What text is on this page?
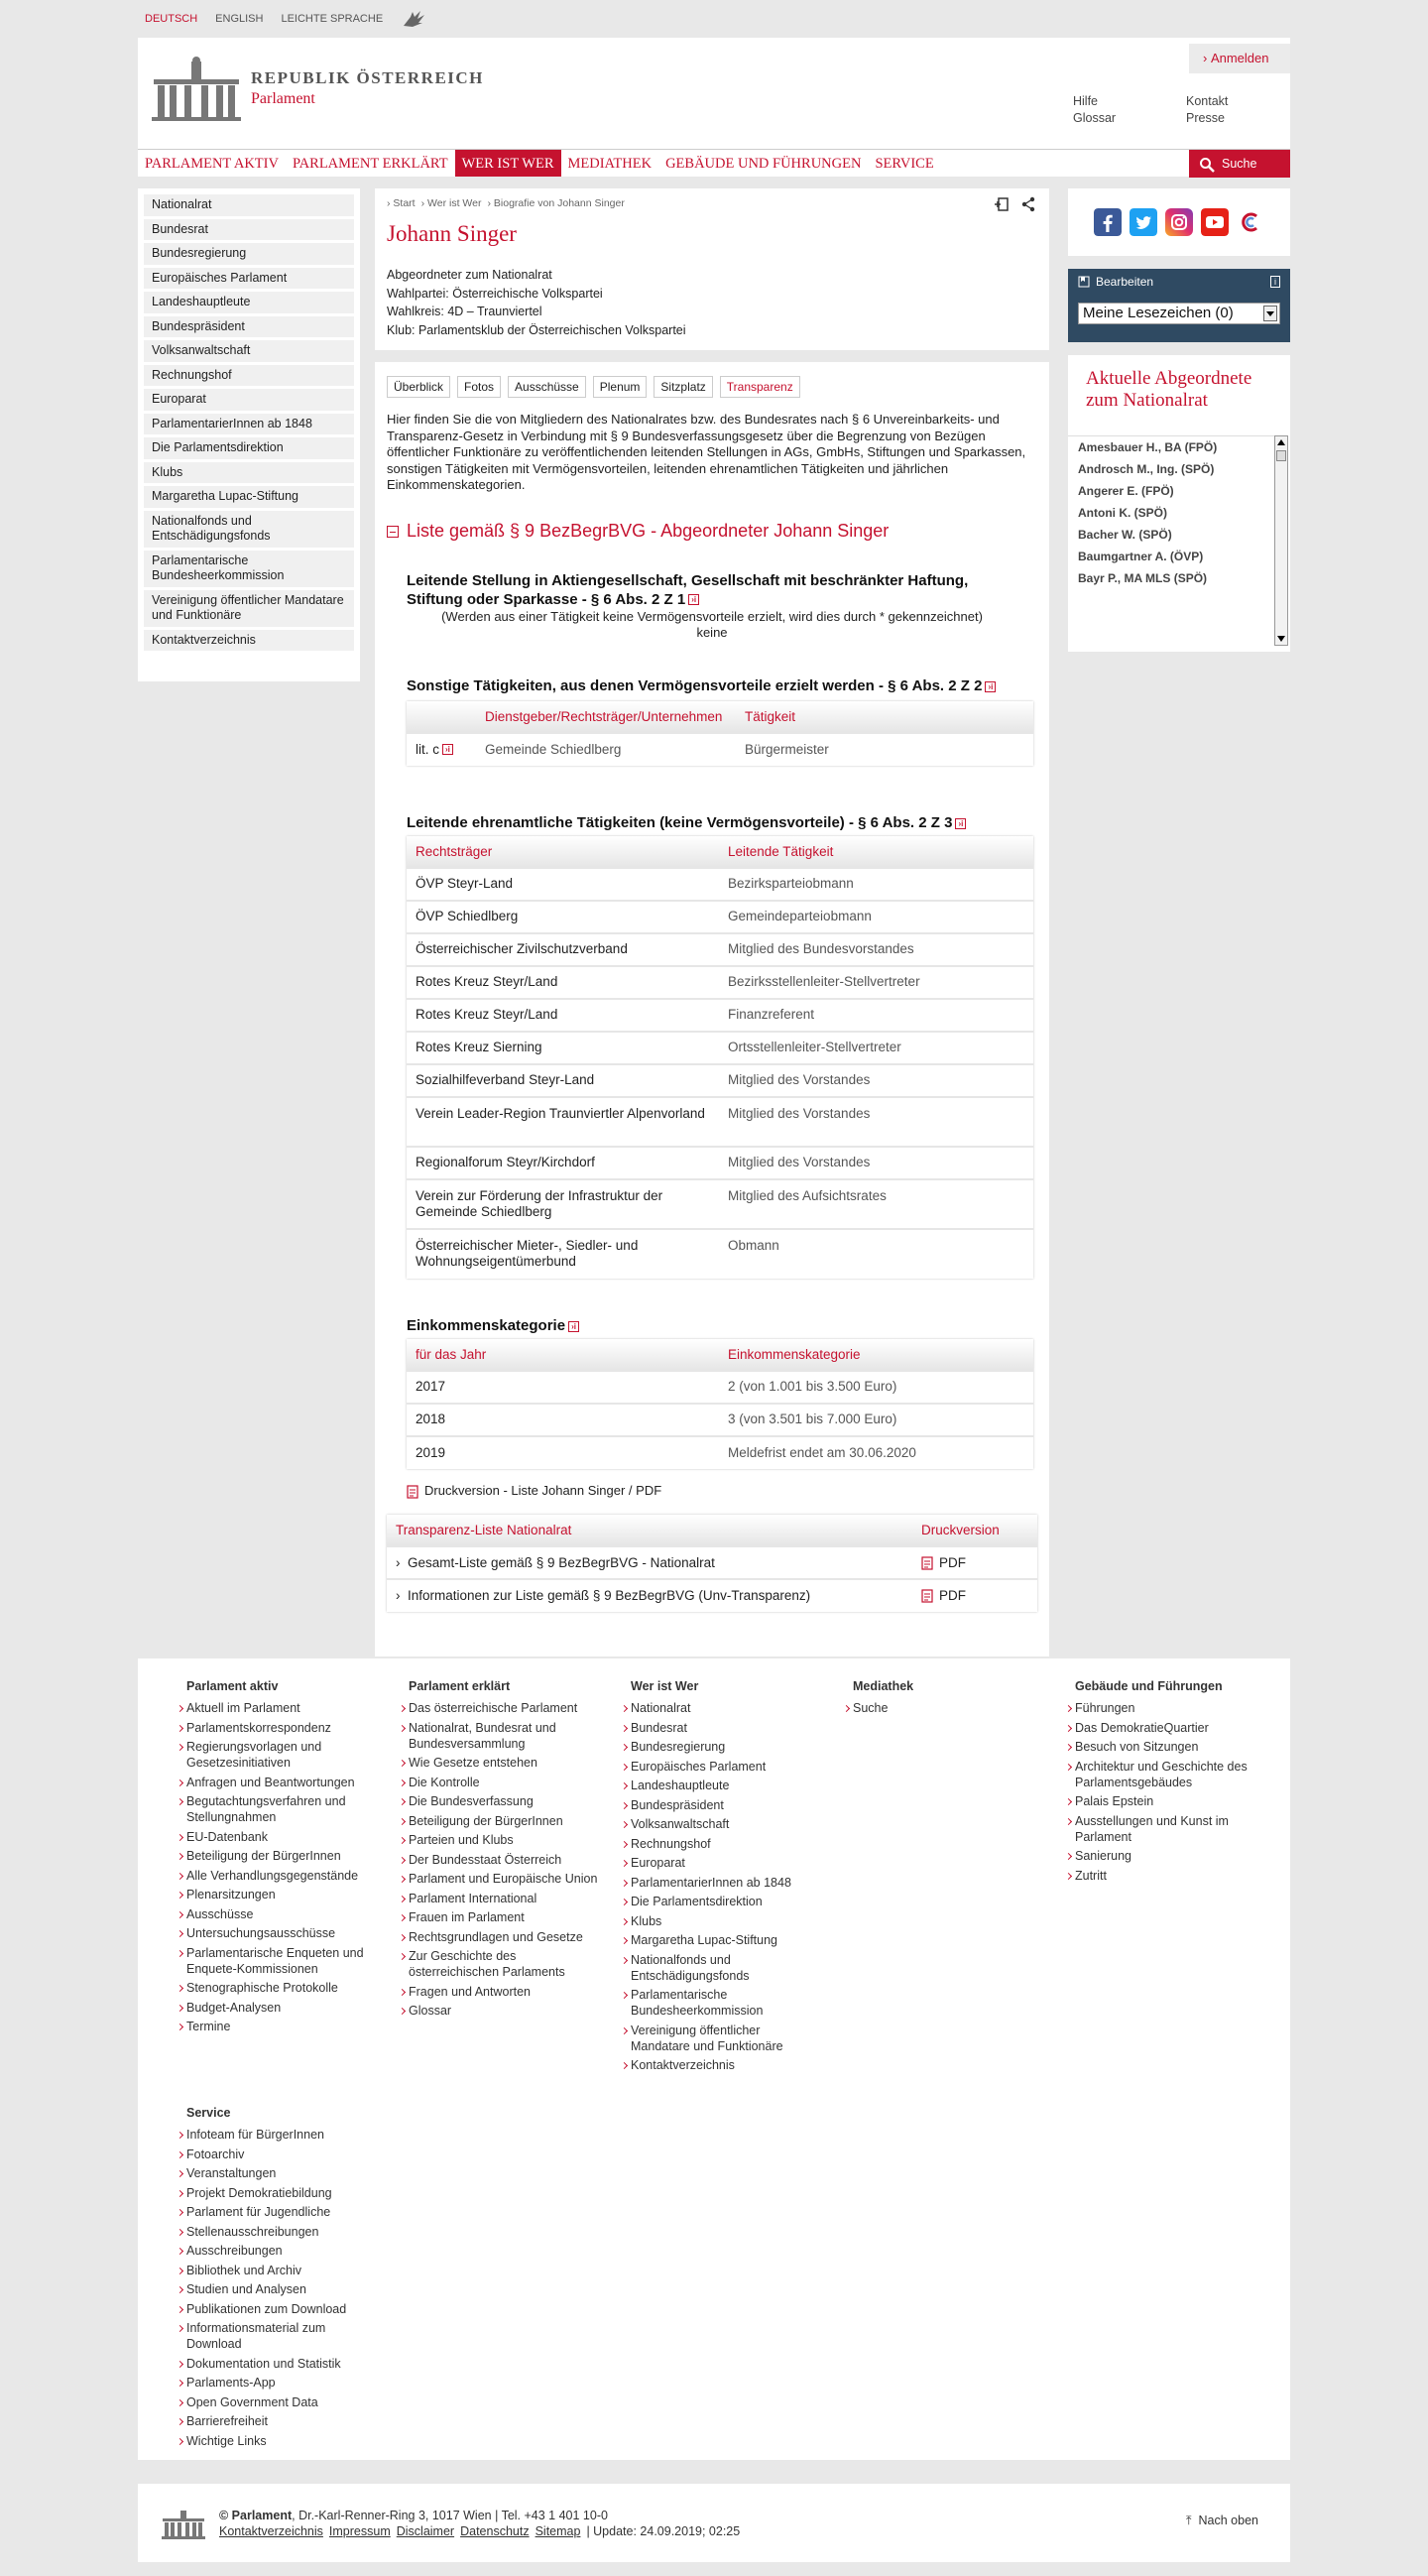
DEUTSCH ENGLISH LEICHTE SPRACHE
REPUBLIK ÖSTERREICH
Parlament
› Anmelden
Hilfe
Glossar
Kontakt
Presse
PARLAMENT AKTIV PARLAMENT ERKLÄRT WER IST WER MEDIATHEK GEBÄUDE UND FÜHRUNGEN SERVICE	Suche
Nationalrat
Bundesrat
Bundesregierung
Europäisches Parlament
Landeshauptleute
Bundespräsident
Volksanwaltschaft
Rechnungshof
Europarat
ParlamentarierInnen ab 1848
Die Parlamentsdirektion
Klubs
Margaretha Lupac-Stiftung
Nationalfonds und Entschädigungsfonds
Parlamentarische Bundesheerkommission
Vereinigung öffentlicher Mandatare und Funktionäre
Kontaktverzeichnis
› Start › Wer ist Wer › Biografie von Johann Singer
Johann Singer
Abgeordneter zum Nationalrat
Wahlpartei: Österreichische Volkspartei
Wahlkreis: 4D – Traunviertel
Klub: Parlamentsklub der Österreichischen Volkspartei
Überblick	Fotos	Ausschüsse	Plenum	Sitzplatz	Transparenz
Hier finden Sie die von Mitgliedern des Nationalrates bzw. des Bundesrates nach § 6 Unvereinbarkeits- und Transparenz-Gesetz in Verbindung mit § 9 Bundesverfassungsgesetz über die Begrenzung von Bezügen öffentlicher Funktionäre zu veröffentlichenden leitenden Stellungen in AGs, GmbHs, Stiftungen und Sparkassen, sonstigen Tätigkeiten mit Vermögensvorteilen, leitenden ehrenamtlichen Tätigkeiten und jährlichen Einkommenskategorien.
Liste gemäß § 9 BezBegrBVG - Abgeordneter Johann Singer
Leitende Stellung in Aktiengesellschaft, Gesellschaft mit beschränkter Haftung, Stiftung oder Sparkasse - § 6 Abs. 2 Z 1 ›i
(Werden aus einer Tätigkeit keine Vermögensvorteile erzielt, wird dies durch * gekennzeichnet)
keine
Sonstige Tätigkeiten, aus denen Vermögensvorteile erzielt werden - § 6 Abs. 2 Z 2 ›i
	Dienstgeber/Rechtsträger/Unternehmen	Tätigkeit
lit. c ›i	Gemeinde Schiedlberg	Bürgermeister
Leitende ehrenamtliche Tätigkeiten (keine Vermögensvorteile) - § 6 Abs. 2 Z 3 ›i
Rechtsträger	Leitende Tätigkeit
ÖVP Steyr-Land	Bezirksparteiobmann
ÖVP Schiedlberg	Gemeindeparteiobmann
Österreichischer Zivilschutzverband	Mitglied des Bundesvorstandes
Rotes Kreuz Steyr/Land	Bezirksstellenleiter-Stellvertreter
Rotes Kreuz Steyr/Land	Finanzreferent
Rotes Kreuz Sierning	Ortsstellenleiter-Stellvertreter
Sozialhilfeverband Steyr-Land	Mitglied des Vorstandes
Verein Leader-Region Traunviertler Alpenvorland	Mitglied des Vorstandes
Regionalforum Steyr/Kirchdorf	Mitglied des Vorstandes
Verein zur Förderung der Infrastruktur der Gemeinde Schiedlberg	Mitglied des Aufsichtsrates
Österreichischer Mieter-, Siedler- und Wohnungseigentümerbund	Obmann
Einkommenskategorie ›i
für das Jahr	Einkommenskategorie
2017	2 (von 1.001 bis 3.500 Euro)
2018	3 (von 3.501 bis 7.000 Euro)
2019	Meldefrist endet am 30.06.2020
Druckversion - Liste Johann Singer / PDF
Transparenz-Liste Nationalrat	Druckversion
›  Gesamt-Liste gemäß § 9 BezBegrBVG - Nationalrat	PDF
›  Informationen zur Liste gemäß § 9 BezBegrBVG (Unv-Transparenz)	PDF
Bearbeiten	i
Meine Lesezeichen (0)
Aktuelle Abgeordnete zum Nationalrat
Amesbauer H., BA (FPÖ)
Androsch M., Ing. (SPÖ)
Angerer E. (FPÖ)
Antoni K. (SPÖ)
Bacher W. (SPÖ)
Baumgartner A. (ÖVP)
Bayr P., MA MLS (SPÖ)
Parlament aktiv
Aktuell im Parlament
Parlamentskorrespondenz
Regierungsvorlagen und Gesetzesinitiativen
Anfragen und Beantwortungen
Begutachtungsverfahren und Stellungnahmen
EU-Datenbank
Beteiligung der BürgerInnen
Alle Verhandlungsgegenstände
Plenarsitzungen
Ausschüsse
Untersuchungsausschüsse
Parlamentarische Enqueten und Enquete-Kommissionen
Stenographische Protokolle
Budget-Analysen
Termine
Parlament erklärt
Das österreichische Parlament
Nationalrat, Bundesrat und Bundesversammlung
Wie Gesetze entstehen
Die Kontrolle
Die Bundesverfassung
Beteiligung der BürgerInnen
Parteien und Klubs
Der Bundesstaat Österreich
Parlament und Europäische Union
Parlament International
Frauen im Parlament
Rechtsgrundlagen und Gesetze
Zur Geschichte des österreichischen Parlaments
Fragen und Antworten
Glossar
Wer ist Wer
Nationalrat
Bundesrat
Bundesregierung
Europäisches Parlament
Landeshauptleute
Bundespräsident
Volksanwaltschaft
Rechnungshof
Europarat
ParlamentarierInnen ab 1848
Die Parlamentsdirektion
Klubs
Margaretha Lupac-Stiftung
Nationalfonds und Entschädigungsfonds
Parlamentarische Bundesheerkommission
Vereinigung öffentlicher Mandatare und Funktionäre
Kontaktverzeichnis
Mediathek
Suche
Gebäude und Führungen
Führungen
Das DemokratieQuartier
Besuch von Sitzungen
Architektur und Geschichte des Parlamentsgebäudes
Palais Epstein
Ausstellungen und Kunst im Parlament
Sanierung
Zutritt
Service
Infoteam für BürgerInnen
Fotoarchiv
Veranstaltungen
Projekt Demokratiebildung
Parlament für Jugendliche
Stellenausschreibungen
Ausschreibungen
Bibliothek und Archiv
Studien und Analysen
Publikationen zum Download
Informationsmaterial zum Download
Dokumentation und Statistik
Parlaments-App
Open Government Data
Barrierefreiheit
Wichtige Links
© Parlament, Dr.-Karl-Renner-Ring 3, 1017 Wien | Tel. +43 1 401 10-0
Kontaktverzeichnis Impressum Disclaimer Datenschutz Sitemap | Update: 24.09.2019; 02:25
⤒  Nach oben
